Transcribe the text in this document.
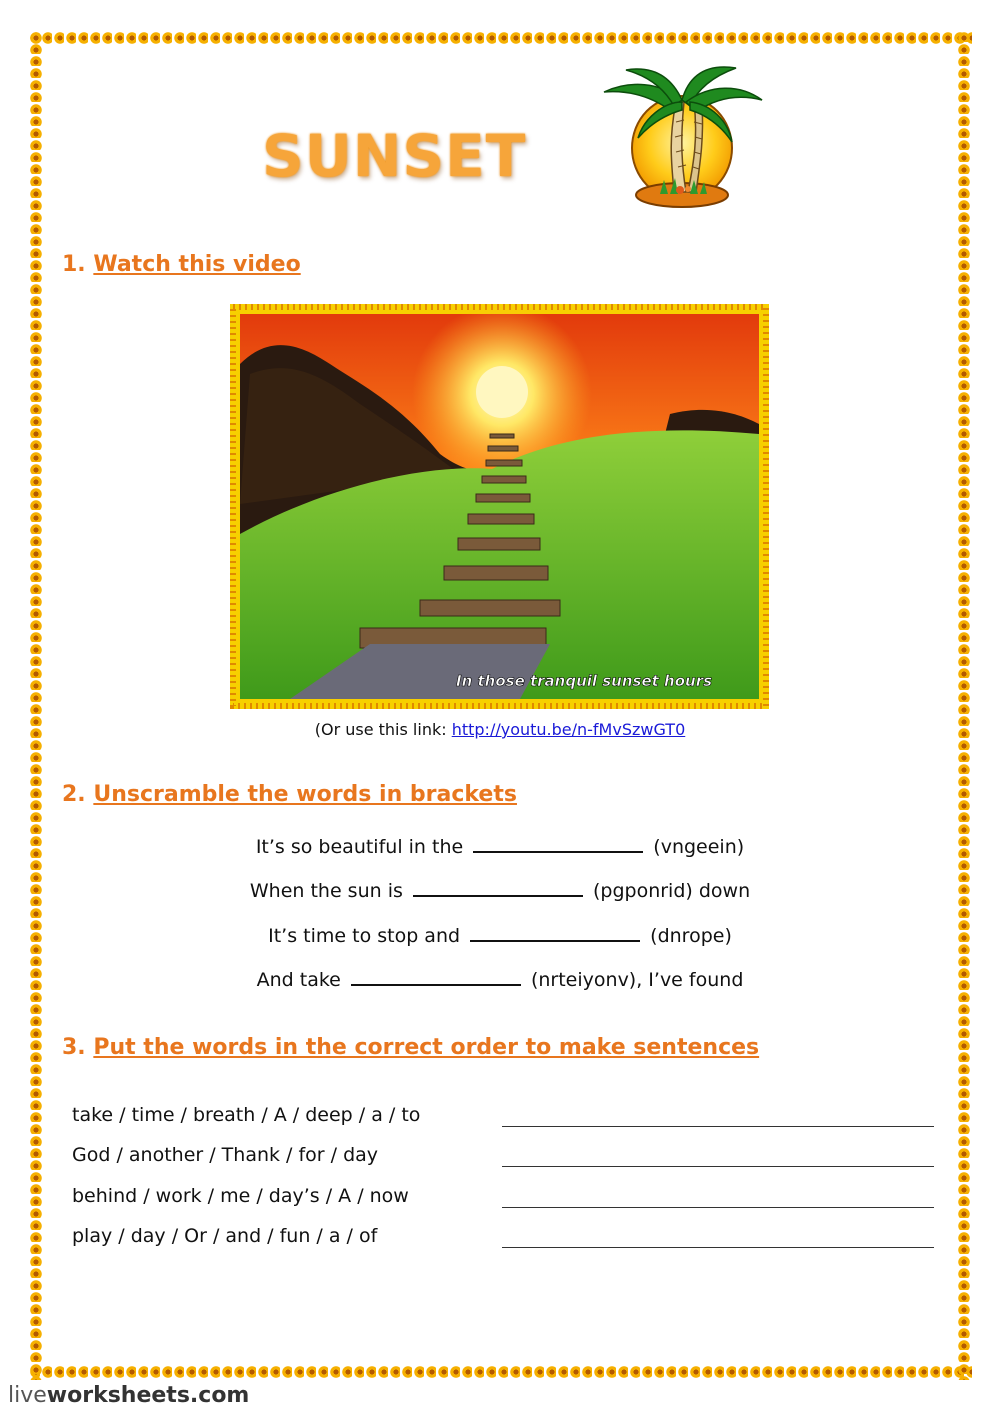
SUNSET
1. Watch this video
In those tranquil sunset hours
(Or use this link: http://youtu.be/n-fMvSzwGT0
2. Unscramble the words in brackets
It’s so beautiful in the	(vngeein)
When the sun is	(pgponrid) down
It’s time to stop and	(dnrope)
And take	(nrteiyonv), I’ve found
3. Put the words in the correct order to make sentences
take / time / breath / A / deep / a / to
God / another / Thank / for / day
behind / work / me / day’s / A / now
play / day / Or / and / fun / a / of
liveworksheets.com
